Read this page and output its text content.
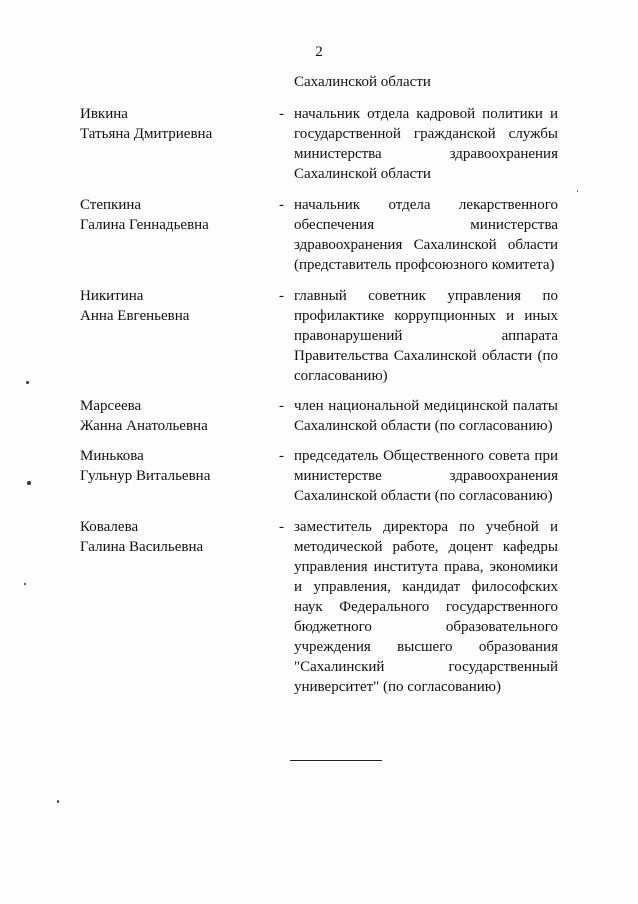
2
Сахалинской области
Ивкина
Татьяна Дмитриевна
- начальник отдела кадровой политики и
государственной гражданской службы
министерства здравоохранения
Сахалинской области
Степкина
Галина Геннадьевна
- начальник отдела лекарственного
обеспечения министерства
здравоохранения Сахалинской области
(представитель профсоюзного комитета)
Никитина
Анна Евгеньевна
- главный советник управления по
профилактике коррупционных и иных
правонарушений аппарата
Правительства Сахалинской области (по
согласованию)
Марсеева
Жанна Анатольевна
- член национальной медицинской палаты
Сахалинской области (по согласованию)
Минькова
Гульнур Витальевна
- председатель Общественного совета при
министерстве здравоохранения
Сахалинской области (по согласованию)
Ковалева
Галина Васильевна
- заместитель директора по учебной и
методической работе, доцент кафедры
управления института права, экономики
и управления, кандидат философских
наук Федерального государственного
бюджетного образовательного
учреждения высшего образования
"Сахалинский государственный
университет" (по согласованию)
